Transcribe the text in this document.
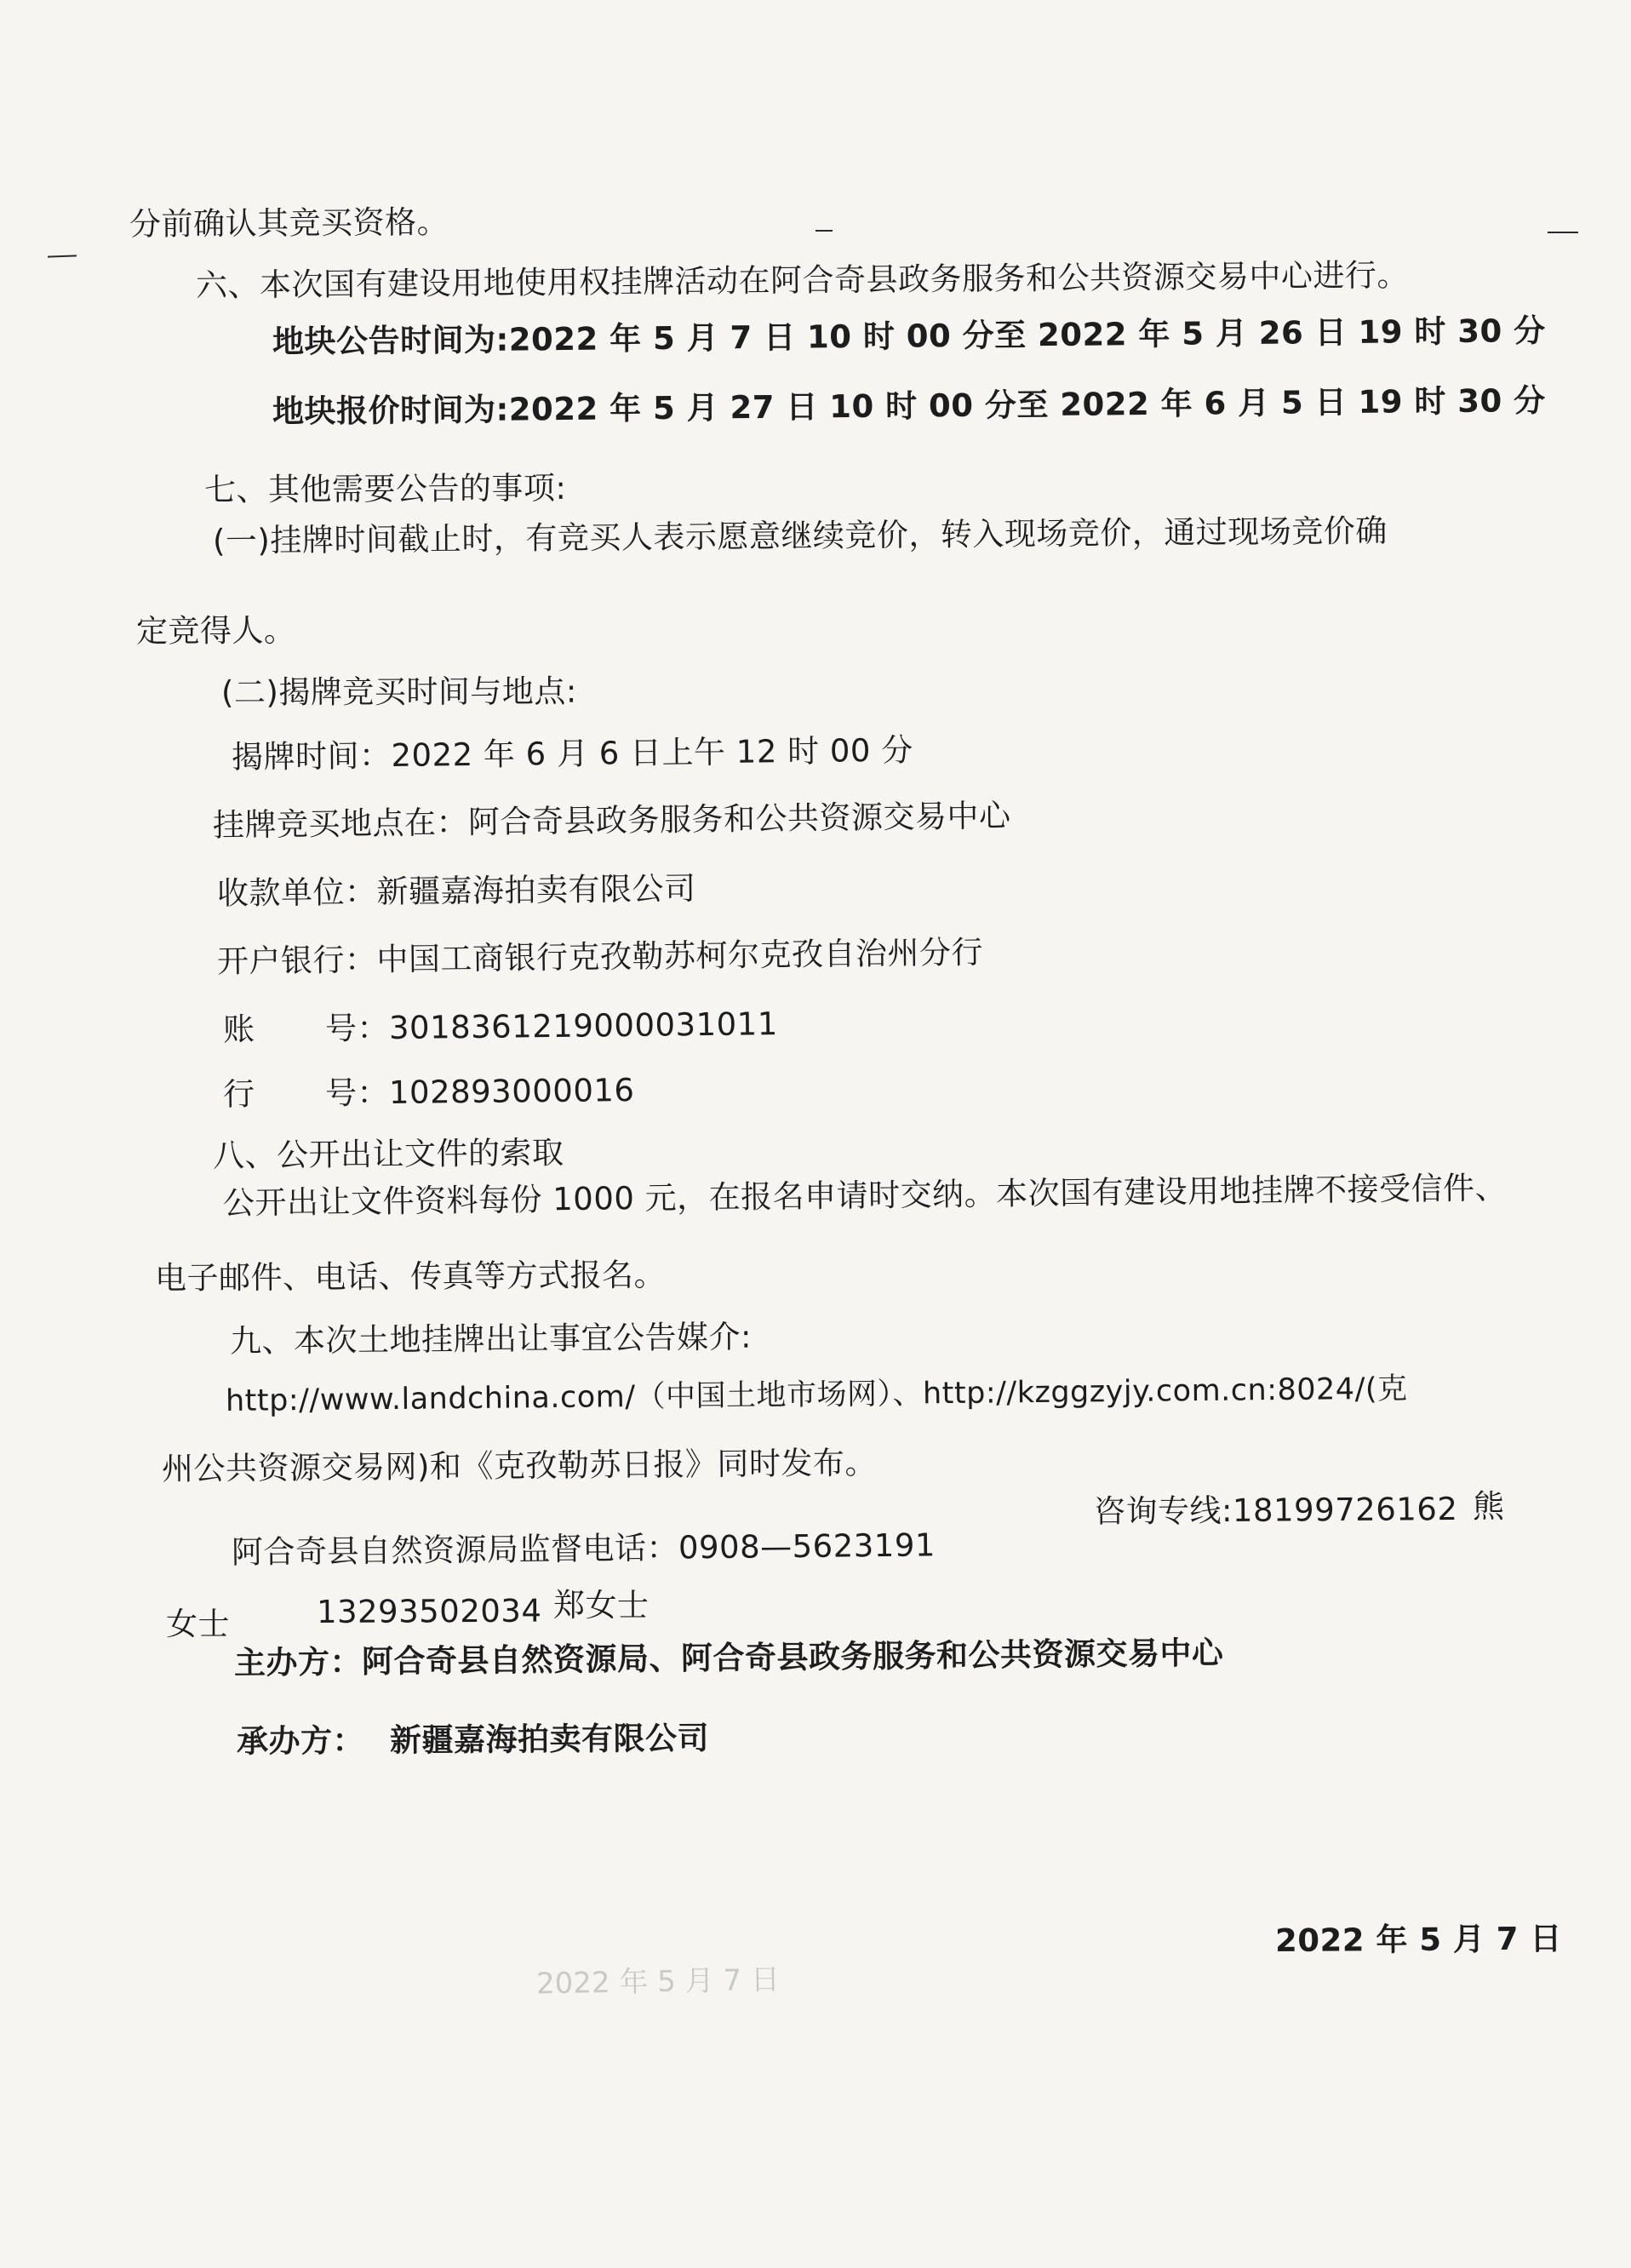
2022 年 5 月 7 日
分前确认其竞买资格。
六、本次国有建设用地使用权挂牌活动在阿合奇县政务服务和公共资源交易中心进行。
地块公告时间为:2022 年 5 月 7 日 10 时 00 分至 2022 年 5 月 26 日 19 时 30 分
地块报价时间为:2022 年 5 月 27 日 10 时 00 分至 2022 年 6 月 5 日 19 时 30 分
七、其他需要公告的事项:
(一)挂牌时间截止时，有竞买人表示愿意继续竞价，转入现场竞价，通过现场竞价确
定竞得人。
(二)揭牌竞买时间与地点:
揭牌时间：2022 年 6 月 6 日上午 12 时 00 分
挂牌竞买地点在：阿合奇县政务服务和公共资源交易中心
收款单位：新疆嘉海拍卖有限公司
开户银行：中国工商银行克孜勒苏柯尔克孜自治州分行
账 号：3018361219000031011
行 号：102893000016
八、公开出让文件的索取
公开出让文件资料每份 1000 元，在报名申请时交纳。本次国有建设用地挂牌不接受信件、
电子邮件、电话、传真等方式报名。
九、本次土地挂牌出让事宜公告媒介:
http://www.landchina.com/（中国土地市场网）、http://kzggzyjy.com.cn:8024/(克
州公共资源交易网)和《克孜勒苏日报》同时发布。
阿合奇县自然资源局监督电话：0908—5623191
咨询专线:18199726162 熊
女士	13293502034 郑女士
主办方：阿合奇县自然资源局、阿合奇县政务服务和公共资源交易中心
承办方： 新疆嘉海拍卖有限公司
2022 年 5 月 7 日
